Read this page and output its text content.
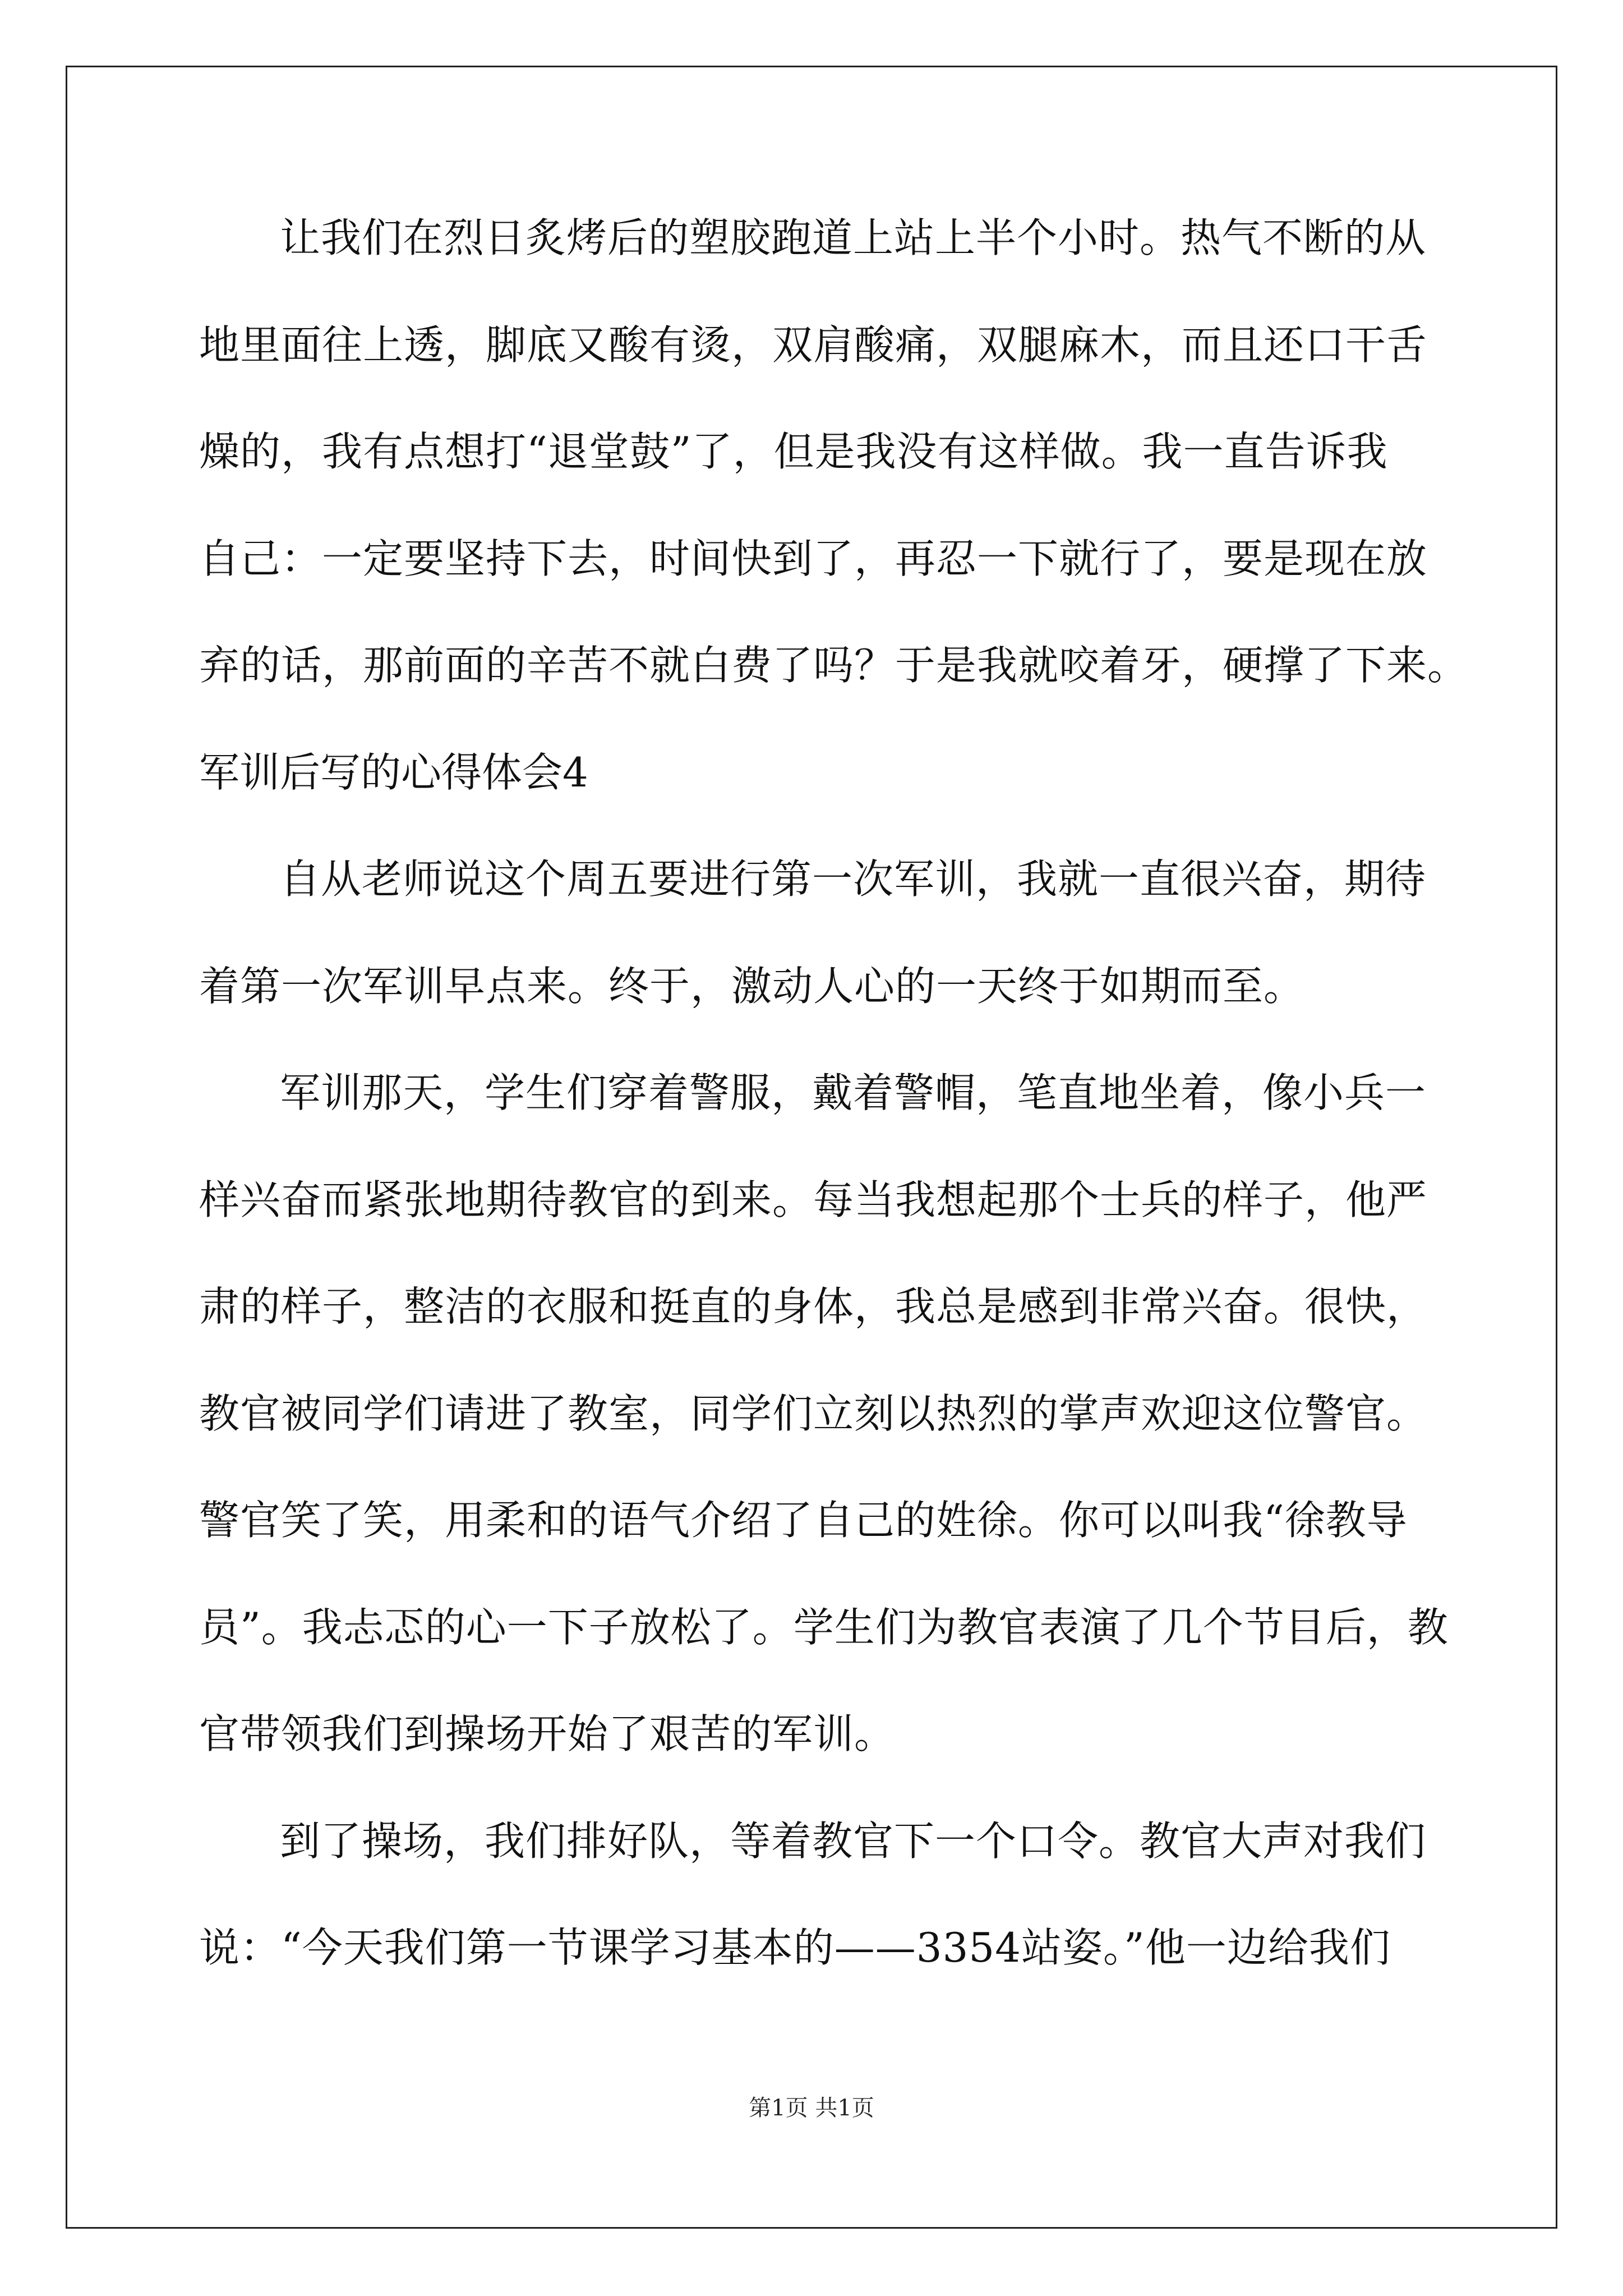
让我们在烈日炙烤后的塑胶跑道上站上半个小时。热气不断的从
地里面往上透，脚底又酸有烫，双肩酸痛，双腿麻木，而且还口干舌
燥的，我有点想打“退堂鼓”了，但是我没有这样做。我一直告诉我
自己：一定要坚持下去，时间快到了，再忍一下就行了，要是现在放
弃的话，那前面的辛苦不就白费了吗？于是我就咬着牙，硬撑了下来。
军训后写的心得体会4
自从老师说这个周五要进行第一次军训，我就一直很兴奋，期待
着第一次军训早点来。终于，激动人心的一天终于如期而至。
军训那天，学生们穿着警服，戴着警帽，笔直地坐着，像小兵一
样兴奋而紧张地期待教官的到来。每当我想起那个士兵的样子，他严
肃的样子，整洁的衣服和挺直的身体，我总是感到非常兴奋。很快，
教官被同学们请进了教室，同学们立刻以热烈的掌声欢迎这位警官。
警官笑了笑，用柔和的语气介绍了自己的姓徐。你可以叫我“徐教导
员”。我忐忑的心一下子放松了。学生们为教官表演了几个节目后，教
官带领我们到操场开始了艰苦的军训。
到了操场，我们排好队，等着教官下一个口令。教官大声对我们
说：“今天我们第一节课学习基本的——3354站姿。”他一边给我们
第1页 共1页
